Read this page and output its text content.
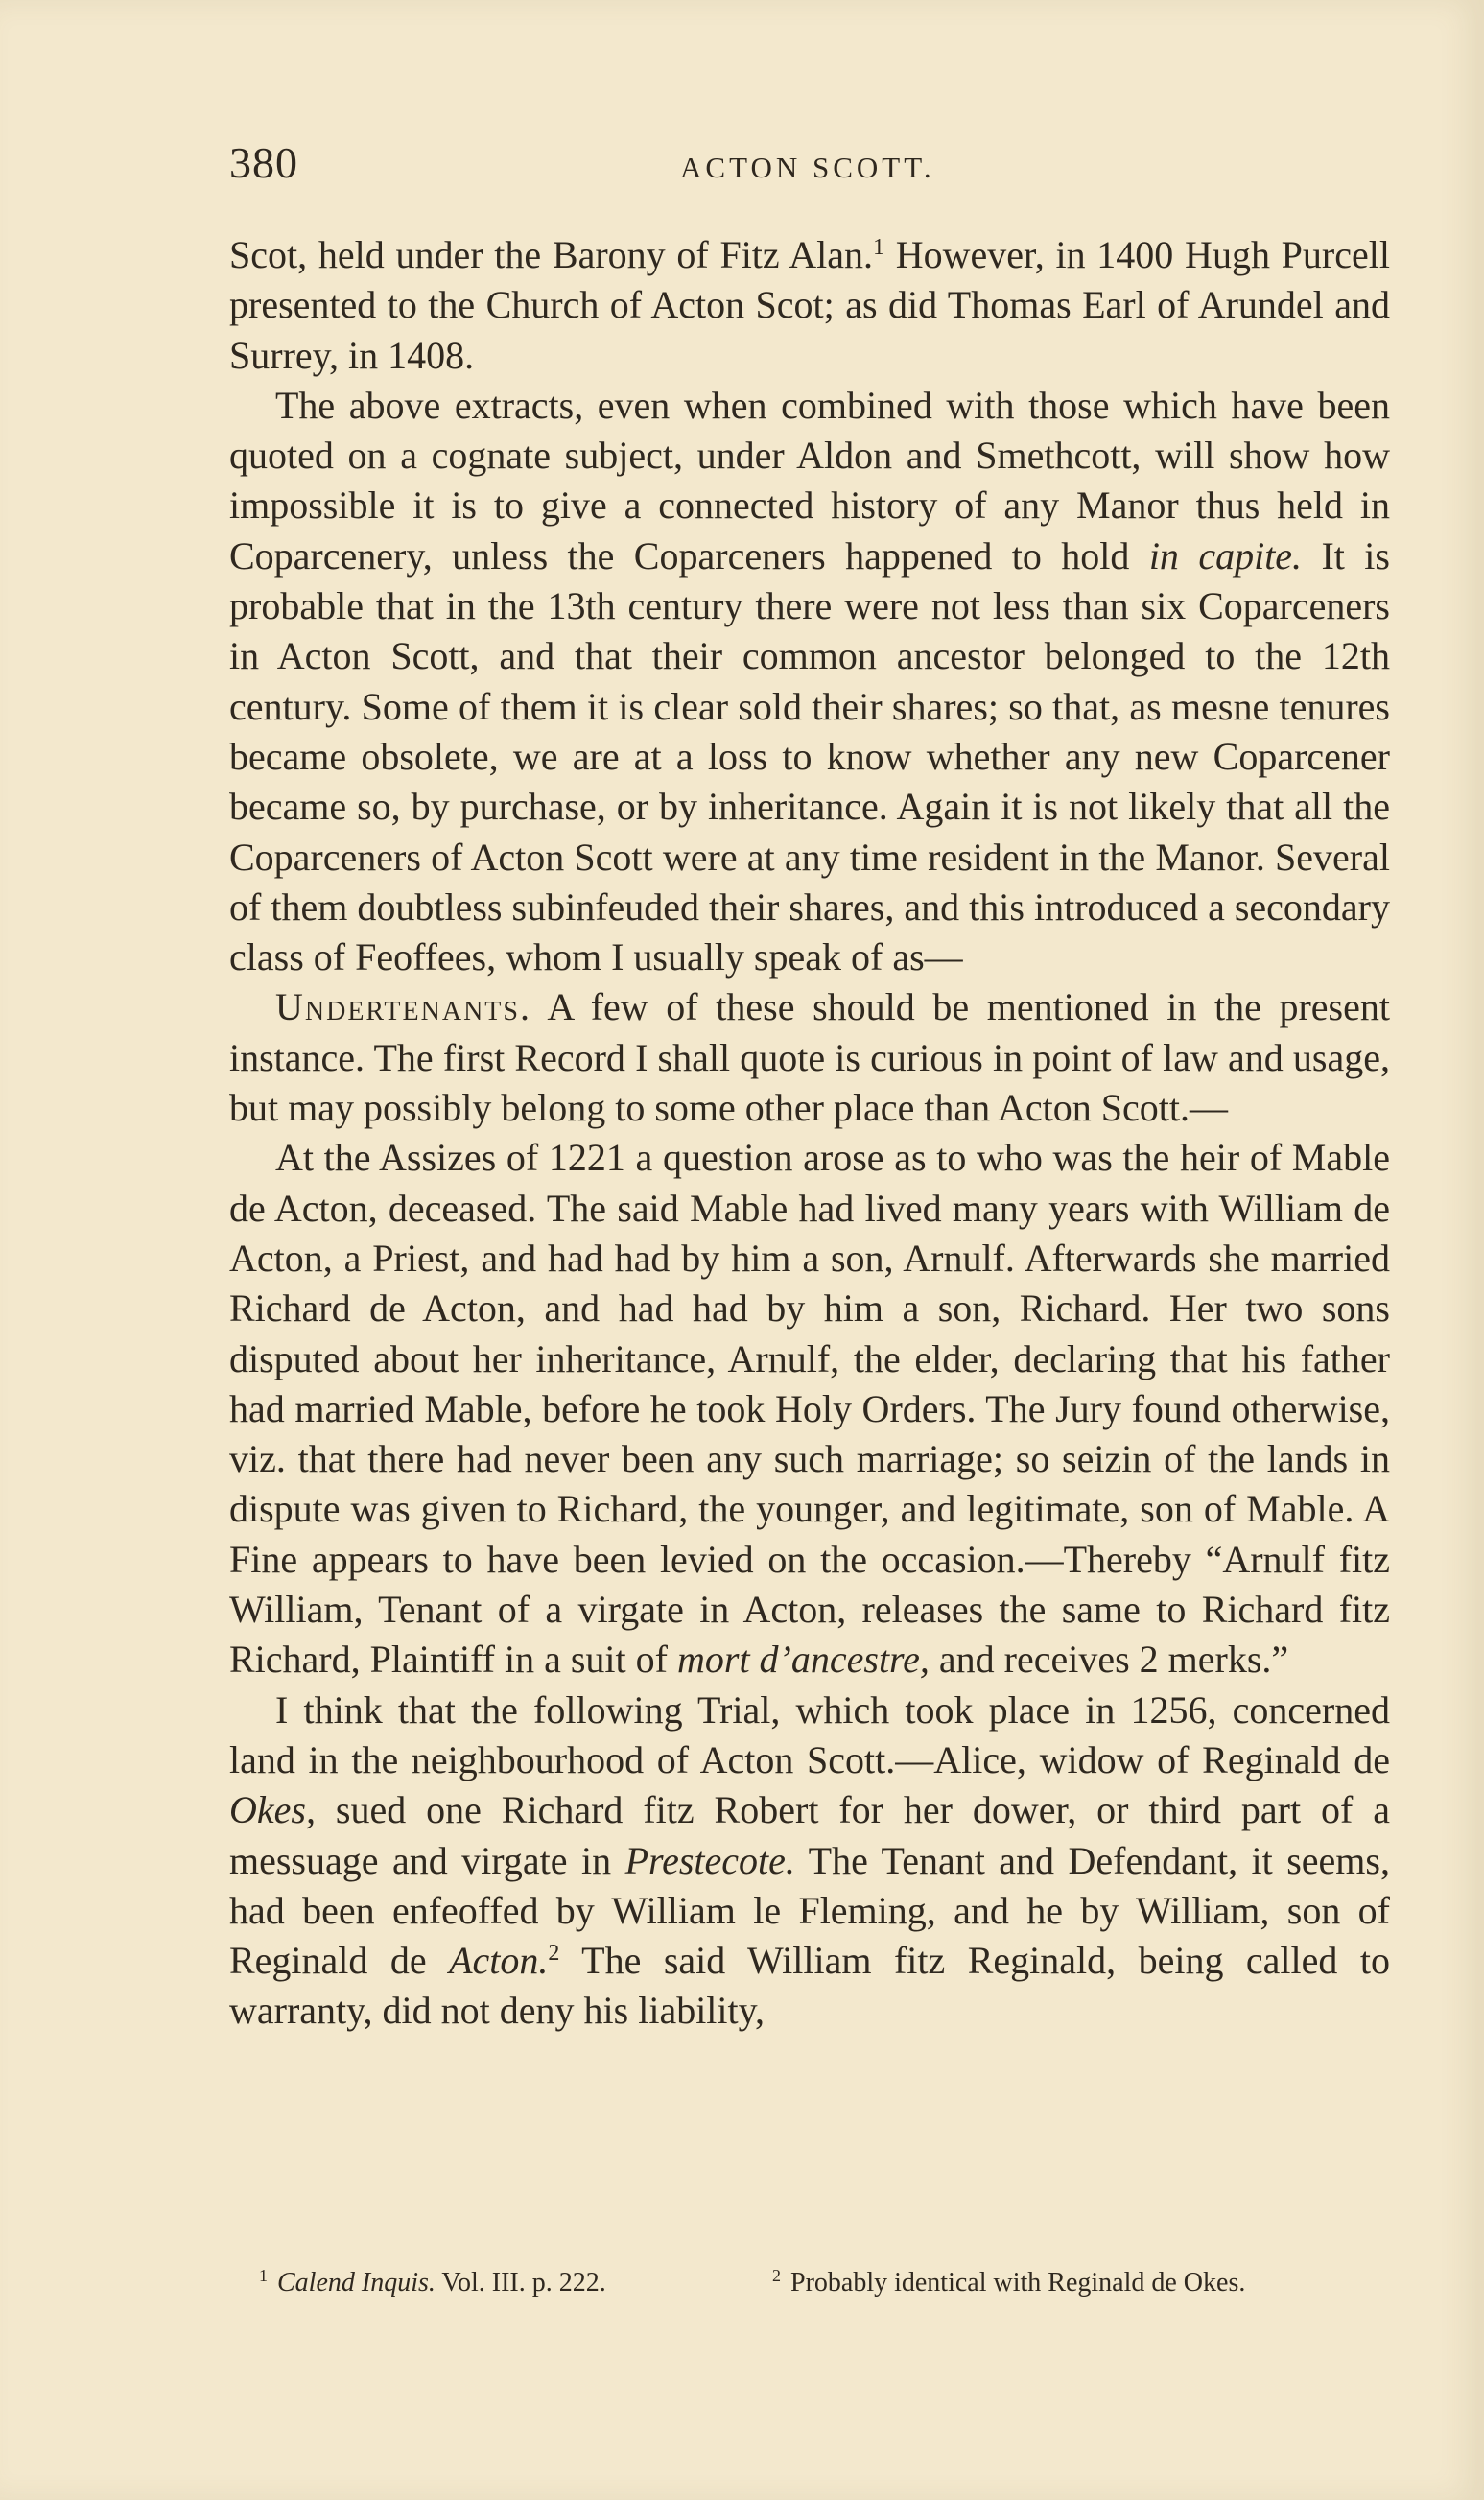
380	ACTON SCOTT.

Scot, held under the Barony of Fitz Alan.$^1$ However, in 1400 Hugh Purcell presented to the Church of Acton Scot; as did Thomas Earl of Arundel and Surrey, in 1408.

The above extracts, even when combined with those which have been quoted on a cognate subject, under Aldon and Smethcott, will show how impossible it is to give a connected history of any Manor thus held in Coparcenery, unless the Coparceners happened to hold in capite. It is probable that in the 13th century there were not less than six Coparceners in Acton Scott, and that their common ancestor belonged to the 12th century. Some of them it is clear sold their shares; so that, as mesne tenures became obsolete, we are at a loss to know whether any new Coparcener became so, by purchase, or by inheritance. Again it is not likely that all the Coparceners of Acton Scott were at any time resident in the Manor. Several of them doubtless subinfeuded their shares, and this introduced a secondary class of Feoffees, whom I usually speak of as—

Undertenants. A few of these should be mentioned in the present instance. The first Record I shall quote is curious in point of law and usage, but may possibly belong to some other place than Acton Scott.—

At the Assizes of 1221 a question arose as to who was the heir of Mable de Acton, deceased. The said Mable had lived many years with William de Acton, a Priest, and had had by him a son, Arnulf. Afterwards she married Richard de Acton, and had had by him a son, Richard. Her two sons disputed about her inheritance, Arnulf, the elder, declaring that his father had married Mable, before he took Holy Orders. The Jury found otherwise, viz. that there had never been any such marriage; so seizin of the lands in dispute was given to Richard, the younger, and legitimate, son of Mable. A Fine appears to have been levied on the occasion.—Thereby “Arnulf fitz William, Tenant of a virgate in Acton, releases the same to Richard fitz Richard, Plaintiff in a suit of mort d’ancestre, and receives 2 merks.”

I think that the following Trial, which took place in 1256, concerned land in the neighbourhood of Acton Scott.—Alice, widow of Reginald de Okes, sued one Richard fitz Robert for her dower, or third part of a messuage and virgate in Prestecote. The Tenant and Defendant, it seems, had been enfeoffed by William le Fleming, and he by William, son of Reginald de Acton.$^2$ The said William fitz Reginald, being called to warranty, did not deny his liability,

$^1$ Calend Inquis. Vol. III. p. 222.	$^2$ Probably identical with Reginald de Okes.
